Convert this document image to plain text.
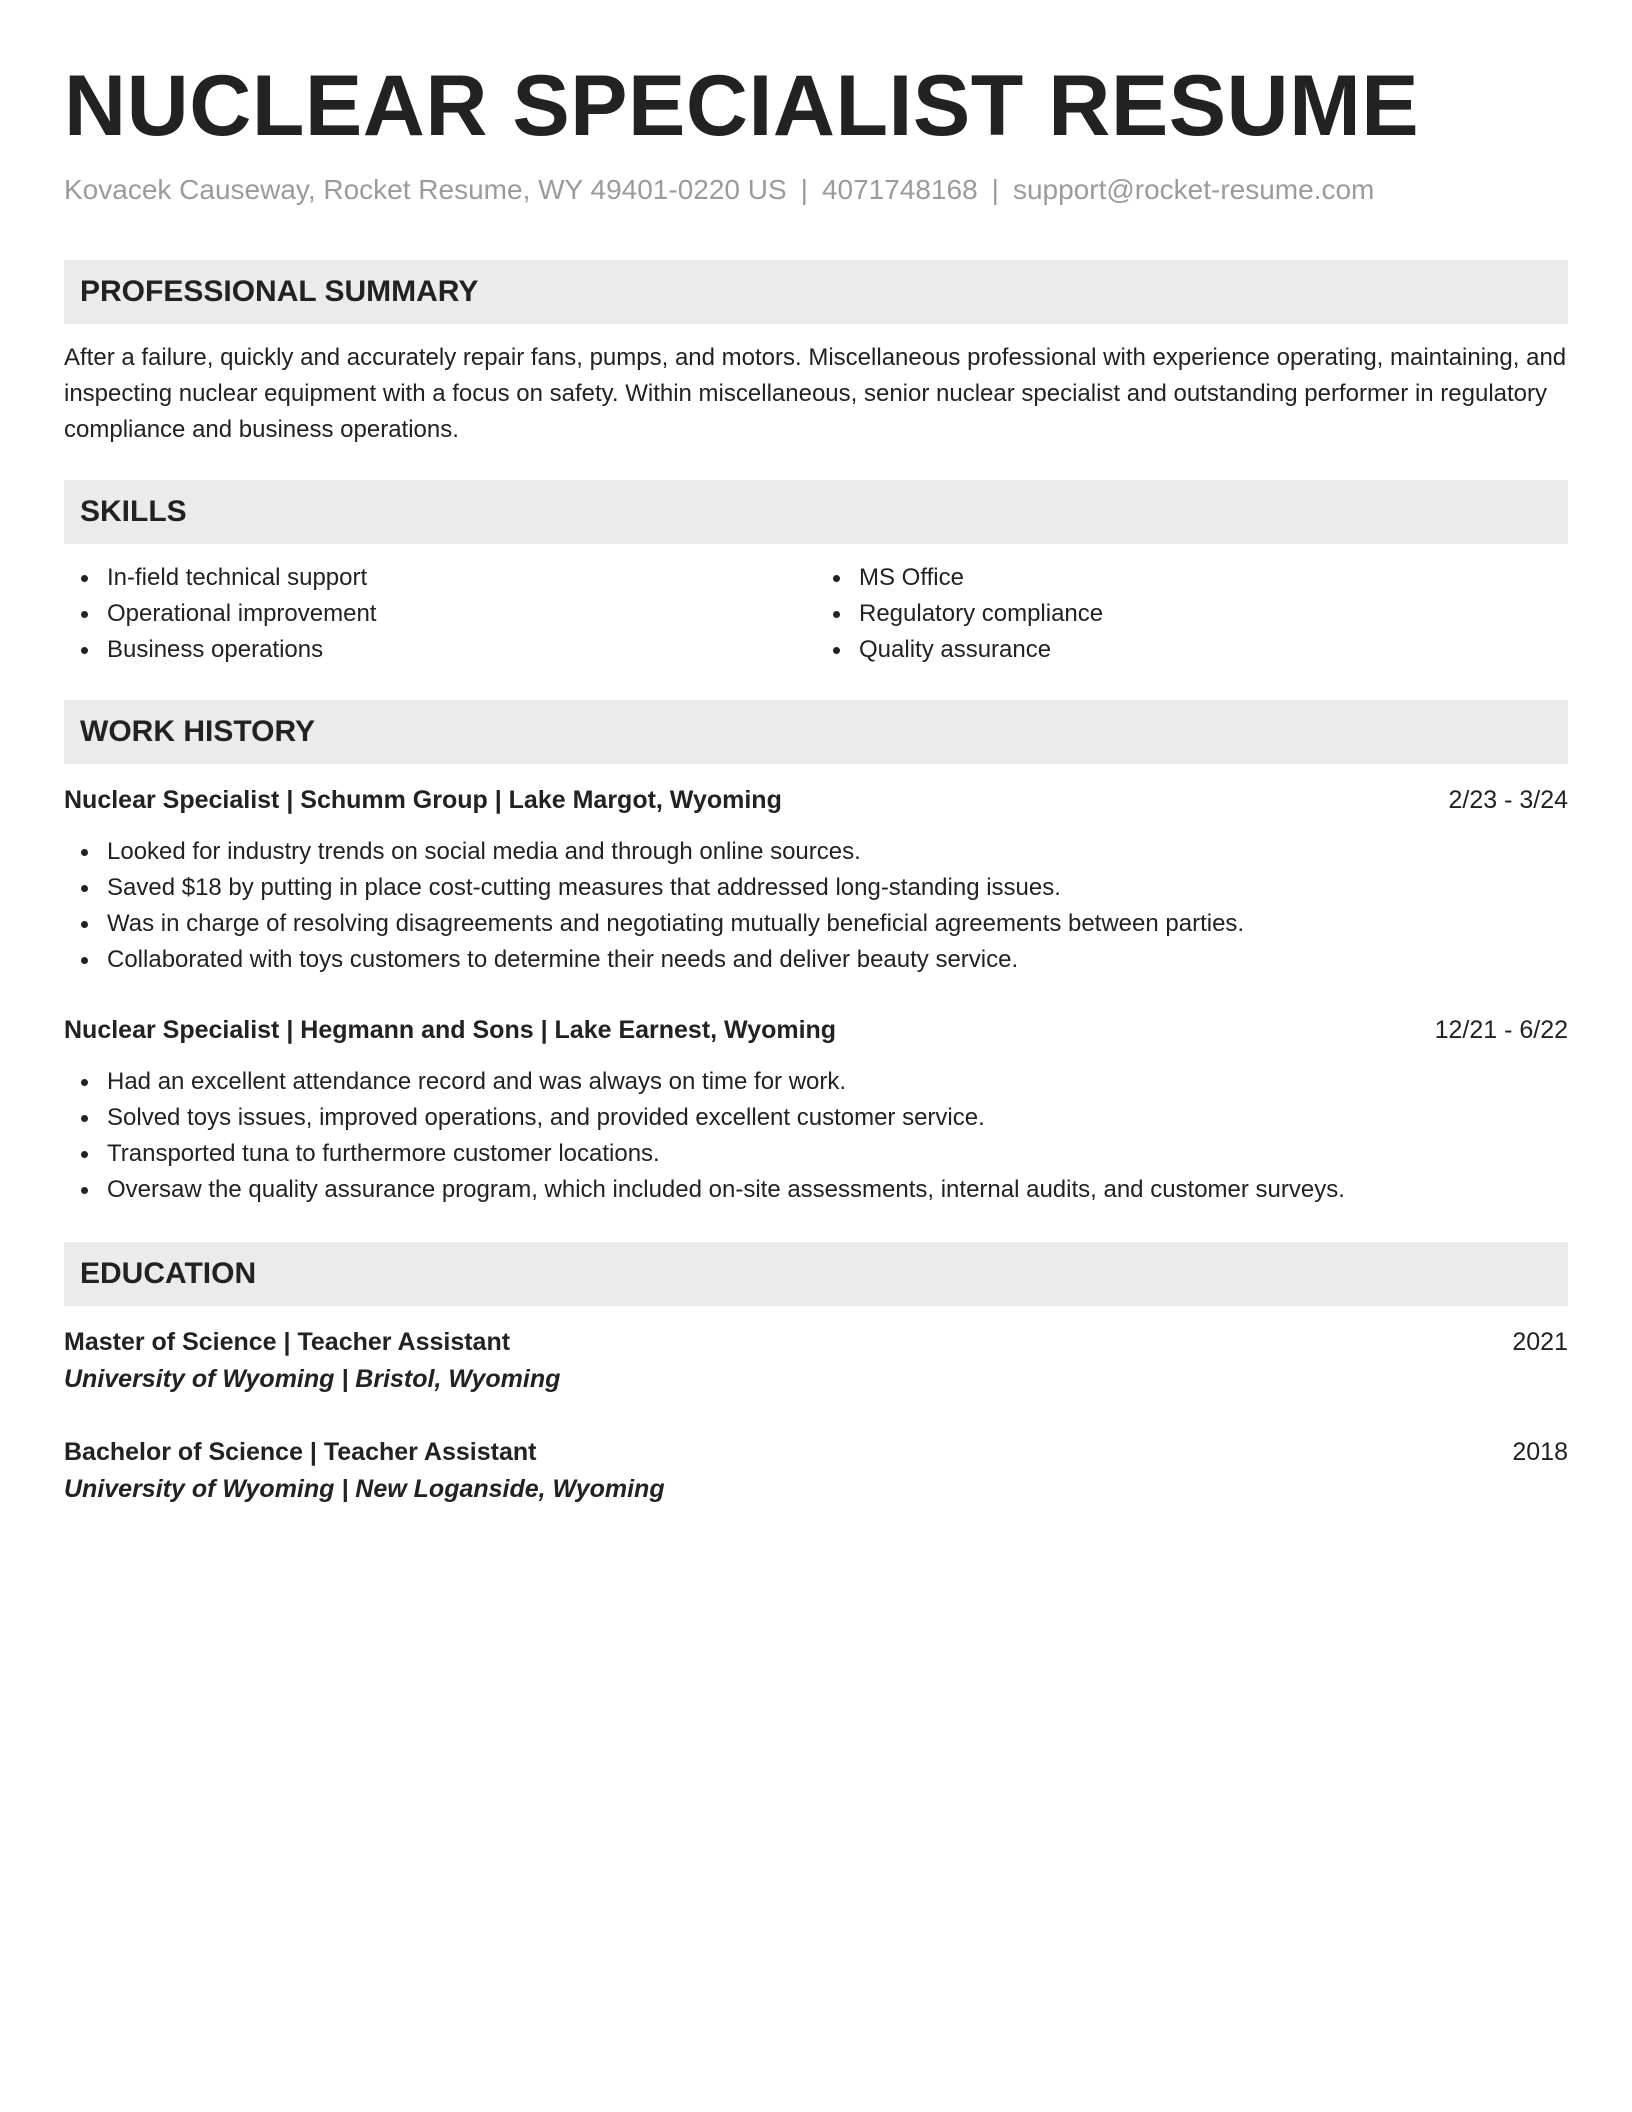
NUCLEAR SPECIALIST RESUME
Kovacek Causeway, Rocket Resume, WY 49401-0220 US | 4071748168 | support@rocket-resume.com
PROFESSIONAL SUMMARY
After a failure, quickly and accurately repair fans, pumps, and motors. Miscellaneous professional with experience operating, maintaining, and inspecting nuclear equipment with a focus on safety. Within miscellaneous, senior nuclear specialist and outstanding performer in regulatory compliance and business operations.
SKILLS
In-field technical support
Operational improvement
Business operations
MS Office
Regulatory compliance
Quality assurance
WORK HISTORY
Nuclear Specialist | Schumm Group | Lake Margot, Wyoming	2/23 - 3/24
Looked for industry trends on social media and through online sources.
Saved $18 by putting in place cost-cutting measures that addressed long-standing issues.
Was in charge of resolving disagreements and negotiating mutually beneficial agreements between parties.
Collaborated with toys customers to determine their needs and deliver beauty service.
Nuclear Specialist | Hegmann and Sons | Lake Earnest, Wyoming	12/21 - 6/22
Had an excellent attendance record and was always on time for work.
Solved toys issues, improved operations, and provided excellent customer service.
Transported tuna to furthermore customer locations.
Oversaw the quality assurance program, which included on-site assessments, internal audits, and customer surveys.
EDUCATION
Master of Science | Teacher Assistant	2021
University of Wyoming | Bristol, Wyoming
Bachelor of Science | Teacher Assistant	2018
University of Wyoming | New Loganside, Wyoming
